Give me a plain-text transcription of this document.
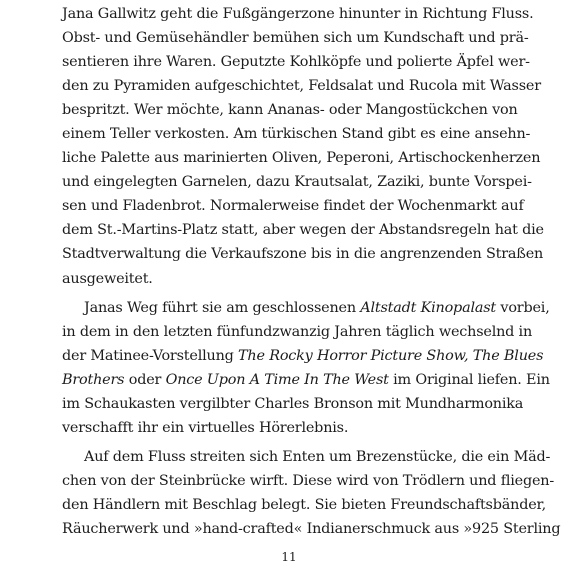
Jana Gallwitz geht die Fußgängerzone hinunter in Richtung Fluss.
Obst- und Gemüsehändler bemühen sich um Kundschaft und prä-
sentieren ihre Waren. Geputzte Kohlköpfe und polierte Äpfel wer-
den zu Pyramiden aufgeschichtet, Feldsalat und Rucola mit Wasser
bespritzt. Wer möchte, kann Ananas- oder Mangostückchen von
einem Teller verkosten. Am türkischen Stand gibt es eine ansehn-
liche Palette aus marinierten Oliven, Peperoni, Artischockenherzen
und eingelegten Garnelen, dazu Krautsalat, Zaziki, bunte Vorspei-
sen und Fladenbrot. Normalerweise findet der Wochenmarkt auf
dem St.-Martins-Platz statt, aber wegen der Abstandsregeln hat die
Stadtverwaltung die Verkaufszone bis in die angrenzenden Straßen
ausgeweitet.
Janas Weg führt sie am geschlossenen Altstadt Kinopalast vorbei,
in dem in den letzten fünfundzwanzig Jahren täglich wechselnd in
der Matinee-Vorstellung The Rocky Horror Picture Show, The Blues
Brothers oder Once Upon A Time In The West im Original liefen. Ein
im Schaukasten vergilbter Charles Bronson mit Mundharmonika
verschafft ihr ein virtuelles Hörerlebnis.
Auf dem Fluss streiten sich Enten um Brezenstücke, die ein Mäd-
chen von der Steinbrücke wirft. Diese wird von Trödlern und fliegen-
den Händlern mit Beschlag belegt. Sie bieten Freundschaftsbänder,
Räucherwerk und »hand-crafted« Indianerschmuck aus »925 Sterling
11
